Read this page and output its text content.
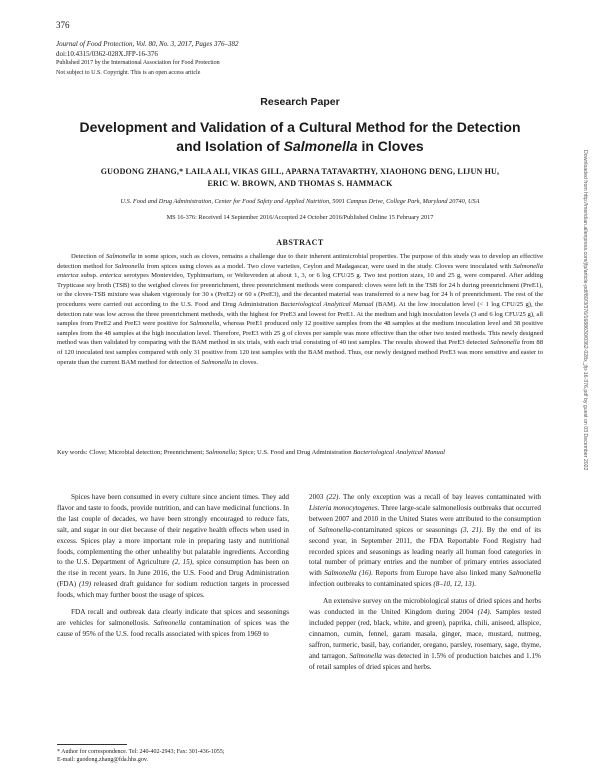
376
Journal of Food Protection, Vol. 80, No. 3, 2017, Pages 376–382
doi:10.4315/0362-028X.JFP-16-376
Published 2017 by the International Association for Food Protection
Not subject to U.S. Copyright. This is an open access article
Research Paper
Development and Validation of a Cultural Method for the Detection
and Isolation of Salmonella in Cloves
GUODONG ZHANG,* LAILA ALI, VIKAS GILL, APARNA TATAVARTHY, XIAOHONG DENG, LIJUN HU,
ERIC W. BROWN, AND THOMAS S. HAMMACK
U.S. Food and Drug Administration, Center for Food Safety and Applied Nutrition, 5001 Campus Drive, College Park, Maryland 20740, USA
MS 16-376: Received 14 September 2016/Accepted 24 October 2016/Published Online 15 February 2017
ABSTRACT
Detection of Salmonella in some spices, such as cloves, remains a challenge due to their inherent antimicrobial properties. The purpose of this study was to develop an effective detection method for Salmonella from spices using cloves as a model. Two clove varieties, Ceylon and Madagascar, were used in the study. Cloves were inoculated with Salmonella enterica subsp. enterica serotypes Montevideo, Typhimurium, or Weltevreden at about 1, 3, or 6 log CFU/25 g. Two test portion sizes, 10 and 25 g, were compared. After adding Trypticase soy broth (TSB) to the weighed cloves for preenrichment, three preenrichment methods were compared: cloves were left in the TSB for 24 h during preenrichment (PreE1), or the cloves-TSB mixture was shaken vigorously for 30 s (PreE2) or 60 s (PreE3), and the decanted material was transferred to a new bag for 24 h of preenrichment. The rest of the procedures were carried out according to the U.S. Food and Drug Administration Bacteriological Analytical Manual (BAM). At the low inoculation level (< 1 log CFU/25 g), the detection rate was low across the three preenrichment methods, with the highest for PreE3 and lowest for PreE1. At the medium and high inoculation levels (3 and 6 log CFU/25 g), all samples from PreE2 and PreE3 were positive for Salmonella, whereas PreE1 produced only 12 positive samples from the 48 samples at the medium inoculation level and 38 positive samples from the 48 samples at the high inoculation level. Therefore, PreE3 with 25 g of cloves per sample was more effective than the other two tested methods. This newly designed method was then validated by comparing with the BAM method in six trials, with each trial consisting of 40 test samples. The results showed that PreE3 detected Salmonella from 88 of 120 inoculated test samples compared with only 31 positive from 120 test samples with the BAM method. Thus, our newly designed method PreE3 was more sensitive and easier to operate than the current BAM method for detection of Salmonella in cloves.
Key words: Clove; Microbial detection; Preenrichment; Salmonella; Spice; U.S. Food and Drug Administration Bacteriological Analytical Manual

Spices have been consumed in every culture since ancient times. They add flavor and taste to foods, provide nutrition, and can have medicinal functions. In the last couple of decades, we have been strongly encouraged to reduce fats, salt, and sugar in our diet because of their negative health effects when used in excess. Spices play a more important role in preparing tasty and nutritional foods, complementing the other unhealthy but palatable ingredients. According to the U.S. Department of Agriculture (2, 15), spice consumption has been on the rise in recent years. In June 2016, the U.S. Food and Drug Administration (FDA) (19) released draft guidance for sodium reduction targets in processed foods, which may further boost the usage of spices.

FDA recall and outbreak data clearly indicate that spices and seasonings are vehicles for salmonellosis. Salmonella contamination of spices was the cause of 95% of the U.S. food recalls associated with spices from 1969 to

2003 (22). The only exception was a recall of bay leaves contaminated with Listeria monocytogenes. Three large-scale salmonellosis outbreaks that occurred between 2007 and 2010 in the United States were attributed to the consumption of Salmonella-contaminated spices or seasonings (3, 21). By the end of its second year, in September 2011, the FDA Reportable Food Registry had recorded spices and seasonings as leading nearly all human food categories in total number of primary entries and the number of primary entries associated with Salmonella (16). Reports from Europe have also linked many Salmonella infection outbreaks to contaminated spices (8–10, 12, 13).

An extensive survey on the microbiological status of dried spices and herbs was conducted in the United Kingdom during 2004 (14). Samples tested included pepper (red, black, white, and green), paprika, chili, aniseed, allspice, cinnamon, cumin, fennel, garam masala, ginger, mace, mustard, nutmeg, saffron, turmeric, basil, bay, coriander, oregano, parsley, rosemary, sage, thyme, and tarragon. Salmonella was detected in 1.5% of production batches and 1.1% of retail samples of dried spices and herbs.

* Author for correspondence. Tel: 240-402-2943; Fax: 301-436-1055;
E-mail: guodong.zhang@fda.hhs.gov.
Downloaded from http://meridian.allenpress.com/jfp/article-pdf/80/3/376/1688630/0362-028x_jfp-16-376.pdf by guest on 03 December 2022
